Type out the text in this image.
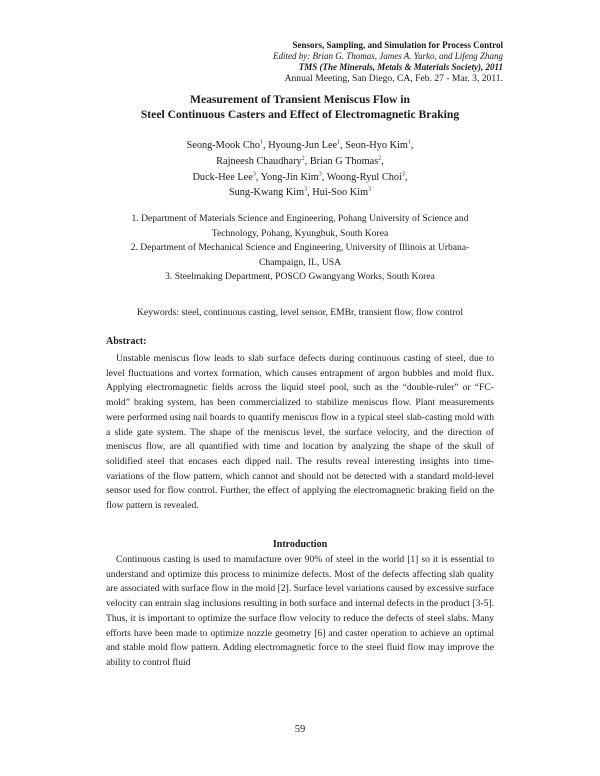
Sensors, Sampling, and Simulation for Process Control
Edited by: Brian G. Thomas, James A. Yurko, and Lifeng Zhang
TMS (The Minerals, Metals & Materials Society), 2011
Annual Meeting, San Diego, CA, Feb. 27 - Mar. 3, 2011.
Measurement of Transient Meniscus Flow in
Steel Continuous Casters and Effect of Electromagnetic Braking
Seong-Mook Cho$^1$, Hyoung-Jun Lee$^1$, Seon-Hyo Kim$^1$,
Rajneesh Chaudhary$^2$, Brian G Thomas$^2$,
Duck-Hee Lee$^3$, Yong-Jin Kim$^3$, Woong-Ryul Choi$^3$,
Sung-Kwang Kim$^3$, Hui-Soo Kim$^3$
1. Department of Materials Science and Engineering, Pohang University of Science and
Technology, Pohang, Kyungbuk, South Korea
2. Department of Mechanical Science and Engineering, University of Illinois at Urbana-
Champaign, IL, USA
3. Steelmaking Department, POSCO Gwangyang Works, South Korea
Keywords: steel, continuous casting, level sensor, EMBr, transient flow, flow control
Abstract:

Unstable meniscus flow leads to slab surface defects during continuous casting of steel, due to level fluctuations and vortex formation, which causes entrapment of argon bubbles and mold flux. Applying electromagnetic fields across the liquid steel pool, such as the “double-ruler” or “FC-mold” braking system, has been commercialized to stabilize meniscus flow. Plant measurements were performed using nail boards to quantify meniscus flow in a typical steel slab-casting mold with a slide gate system. The shape of the meniscus level, the surface velocity, and the direction of meniscus flow, are all quantified with time and location by analyzing the shape of the skull of solidified steel that encases each dipped nail. The results reveal interesting insights into time-variations of the flow pattern, which cannot and should not be detected with a standard mold-level sensor used for flow control. Further, the effect of applying the electromagnetic braking field on the flow pattern is revealed.

Introduction

Continuous casting is used to manufacture over 90% of steel in the world [1] so it is essential to understand and optimize this process to minimize defects. Most of the defects affecting slab quality are associated with surface flow in the mold [2]. Surface level variations caused by excessive surface velocity can entrain slag inclusions resulting in both surface and internal defects in the product [3-5]. Thus, it is important to optimize the surface flow velocity to reduce the defects of steel slabs. Many efforts have been made to optimize nozzle geometry [6] and caster operation to achieve an optimal and stable mold flow pattern. Adding electromagnetic force to the steel fluid flow may improve the ability to control fluid

59
